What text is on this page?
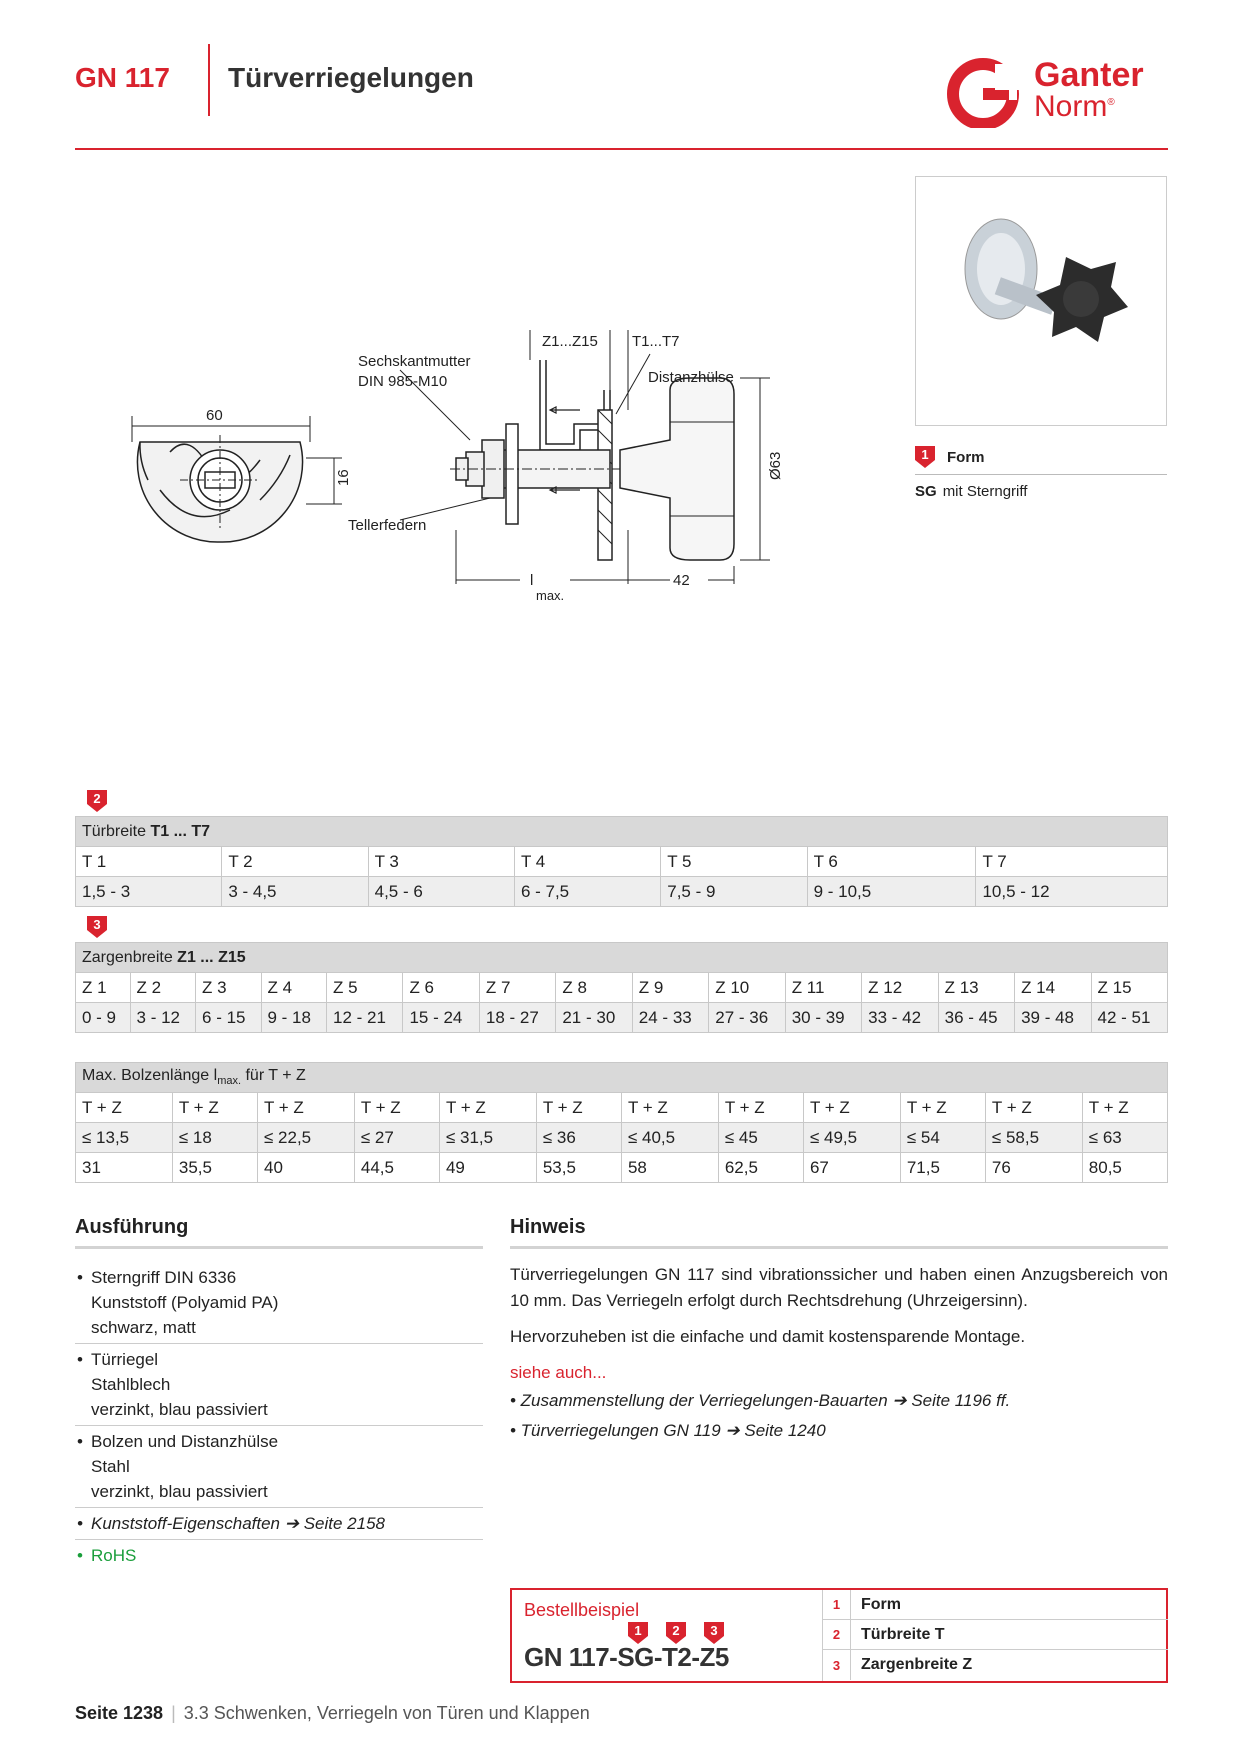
GN 117 Türverriegelungen	Ganter
Norm®
60
16
Z1...Z15 T1...T7
Sechskantmutter
DIN 985-M10	Distanzhülse
Tellerfedern
Ø63
42
l
max.
1	Form
SG mit Sterngriff
2
Türbreite T1 ... T7						
T 1	T 2	T 3	T 4	T 5	T 6	T 7
1,5 - 3	3 - 4,5	4,5 - 6	6 - 7,5	7,5 - 9	9 - 10,5	10,5 - 12
3
Zargenbreite Z1 ... Z15														
Z 1	Z 2	Z 3	Z 4	Z 5	Z 6	Z 7	Z 8	Z 9	Z 10	Z 11	Z 12	Z 13	Z 14	Z 15
0 - 9	3 - 12	6 - 15	9 - 18	12 - 21	15 - 24	18 - 27	21 - 30	24 - 33	27 - 36	30 - 39	33 - 42	36 - 45	39 - 48	42 - 51
Max. Bolzenlänge $l_{max.}$ für T + Z											
T + Z	T + Z	T + Z	T + Z	T + Z	T + Z	T + Z	T + Z	T + Z	T + Z	T + Z	T + Z
≤ 13,5	≤ 18	≤ 22,5	≤ 27	≤ 31,5	≤ 36	≤ 40,5	≤ 45	≤ 49,5	≤ 54	≤ 58,5	≤ 63
31	35,5	40	44,5	49	53,5	58	62,5	67	71,5	76	80,5
Ausführung
• Sterngriff DIN 6336
Kunststoff (Polyamid PA)
schwarz, matt
• Türriegel
Stahlblech
verzinkt, blau passiviert
• Bolzen und Distanzhülse
Stahl
verzinkt, blau passiviert
• Kunststoff-Eigenschaften ➔ Seite 2158
• RoHS
Hinweis

Türverriegelungen GN 117 sind vibrationssicher und haben einen Anzugsbereich von 10 mm. Das Verriegeln erfolgt durch Rechtsdrehung (Uhrzeigersinn).

Hervorzuheben ist die einfache und damit kostensparende Montage.

siehe auch...
• Zusammenstellung der Verriegelungen-Bauarten ➔ Seite 1196 ff.
• Türverriegelungen GN 119 ➔ Seite 1240
Bestellbeispiel
1	2	3
GN 117-SG-T2-Z5
1	Form
2	Türbreite T
3	Zargenbreite Z
Seite 1238 | 3.3 Schwenken, Verriegeln von Türen und Klappen
